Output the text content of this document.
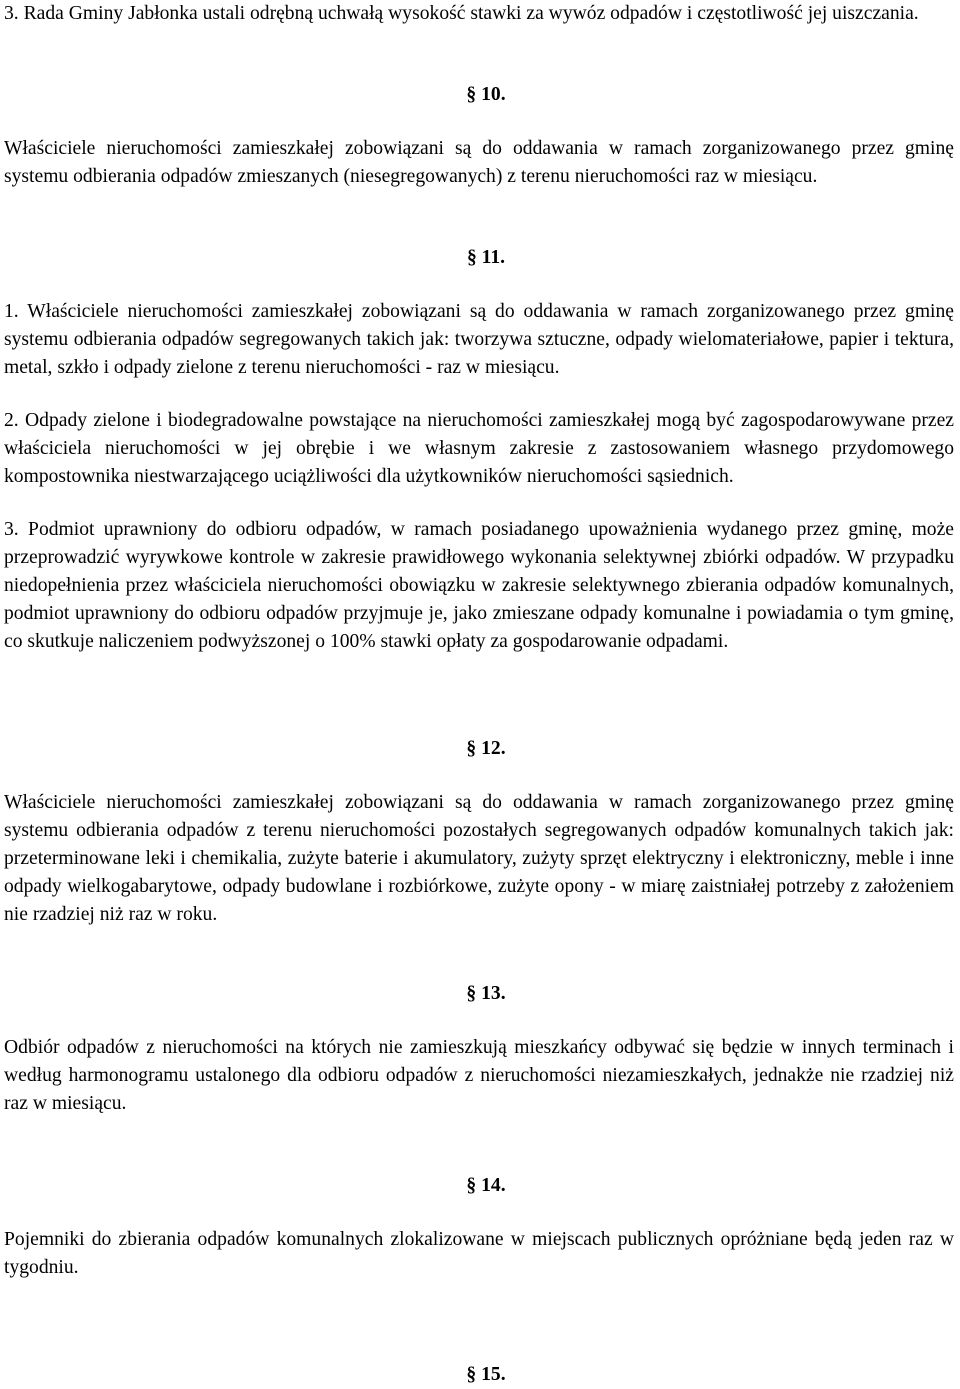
3. Rada Gminy Jabłonka ustali odrębną uchwałą wysokość stawki za wywóz odpadów i częstotliwość jej uiszczania.
§ 10.
Właściciele nieruchomości zamieszkałej zobowiązani są do oddawania w ramach zorganizowanego przez gminę systemu odbierania odpadów zmieszanych (niesegregowanych) z terenu nieruchomości raz w miesiącu.
§ 11.
1. Właściciele nieruchomości zamieszkałej zobowiązani są do oddawania w ramach zorganizowanego przez gminę systemu odbierania odpadów segregowanych takich jak: tworzywa sztuczne, odpady wielomateriałowe, papier i tektura, metal, szkło i odpady zielone z terenu nieruchomości - raz w miesiącu.
2. Odpady zielone i biodegradowalne powstające na nieruchomości zamieszkałej mogą być zagospodarowywane przez właściciela nieruchomości w jej obrębie i we własnym zakresie z zastosowaniem własnego przydomowego kompostownika niestwarzającego uciążliwości dla użytkowników nieruchomości sąsiednich.
3. Podmiot uprawniony do odbioru odpadów, w ramach posiadanego upoważnienia wydanego przez gminę, może przeprowadzić wyrywkowe kontrole w zakresie prawidłowego wykonania selektywnej zbiórki odpadów. W przypadku niedopełnienia przez właściciela nieruchomości obowiązku w zakresie selektywnego zbierania odpadów komunalnych, podmiot uprawniony do odbioru odpadów przyjmuje je, jako zmieszane odpady komunalne i powiadamia o tym gminę, co skutkuje naliczeniem podwyższonej o 100% stawki opłaty za gospodarowanie odpadami.
§ 12.
Właściciele nieruchomości zamieszkałej zobowiązani są do oddawania w ramach zorganizowanego przez gminę systemu odbierania odpadów z terenu nieruchomości pozostałych segregowanych odpadów komunalnych takich jak: przeterminowane leki i chemikalia, zużyte baterie i akumulatory, zużyty sprzęt elektryczny i elektroniczny, meble i inne odpady wielkogabarytowe, odpady budowlane i rozbiórkowe, zużyte opony - w miarę zaistniałej potrzeby z założeniem nie rzadziej niż raz w roku.
§ 13.
Odbiór odpadów z nieruchomości na których nie zamieszkują mieszkańcy odbywać się będzie w innych terminach i według harmonogramu ustalonego dla odbioru odpadów z nieruchomości niezamieszkałych, jednakże nie rzadziej niż raz w miesiącu.
§ 14.
Pojemniki do zbierania odpadów komunalnych zlokalizowane w miejscach publicznych opróżniane będą jeden raz w tygodniu.
§ 15.
